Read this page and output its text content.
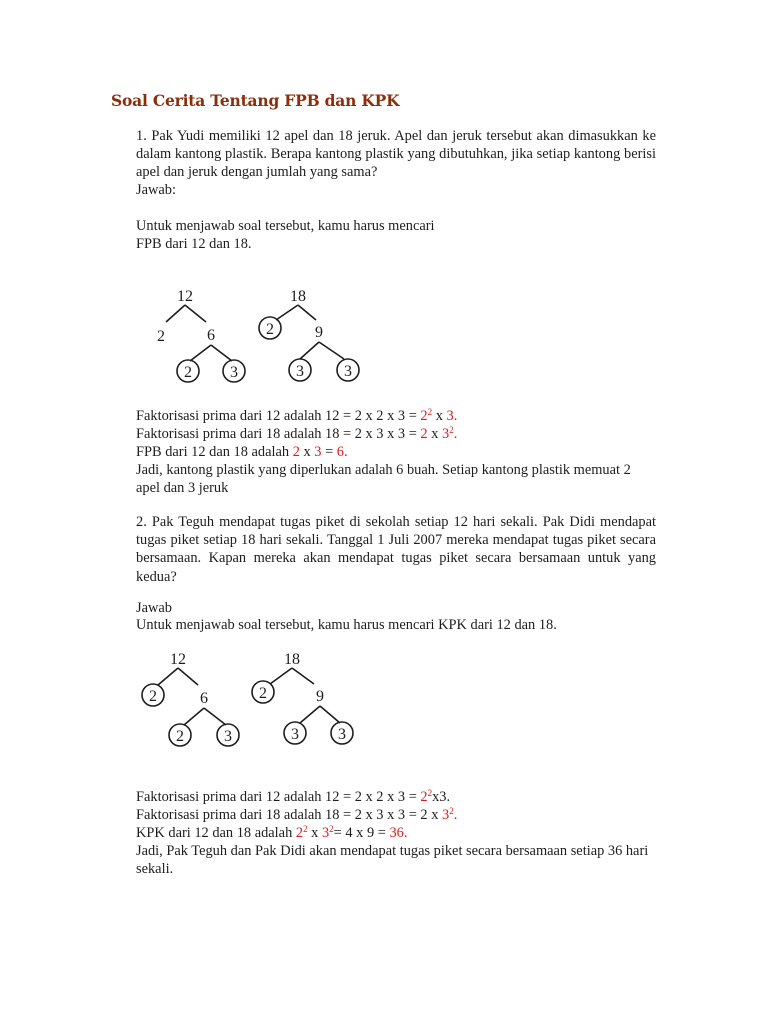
Soal Cerita Tentang FPB dan KPK

1. Pak Yudi memiliki 12 apel dan 18 jeruk. Apel dan jeruk tersebut akan dimasukkan ke dalam kantong plastik. Berapa kantong plastik yang dibutuhkan, jika setiap kantong berisi apel dan jeruk dengan jumlah yang sama?

Jawab:

Untuk menjawab soal tersebut, kamu harus mencari

FPB dari 12 dan 18.

12
2	6
2 3
18
2	9
3	3

Faktorisasi prima dari 12 adalah 12 = 2 x 2 x $3 = 2^2$ x 3.

Faktorisasi prima dari 18 adalah 18 = 2 x 3 x 3 = 2 x $3^2$.

FPB dari 12 dan 18 adalah 2 x 3 = 6.

Jadi, kantong plastik yang diperlukan adalah 6 buah. Setiap kantong plastik memuat 2 apel dan 3 jeruk

2. Pak Teguh mendapat tugas piket di sekolah setiap 12 hari sekali. Pak Didi mendapat tugas piket setiap 18 hari sekali. Tanggal 1 Juli 2007 mereka mendapat tugas piket secara bersamaan. Kapan mereka akan mendapat tugas piket secara bersamaan untuk yang kedua?

Jawab

Untuk menjawab soal tersebut, kamu harus mencari KPK dari 12 dan 18.

12
2	6
2	3
18
2	9
3 3

Faktorisasi prima dari 12 adalah 12 = 2 x 2 x $3 = 2^2x3$.

Faktorisasi prima dari 18 adalah 18 = 2 x 3 x 3 = 2 x $3^2$.

KPK dari 12 dan 18 adalah $2^2$ x $3^2= 4$ x 9 = 36.

Jadi, Pak Teguh dan Pak Didi akan mendapat tugas piket secara bersamaan setiap 36 hari sekali.
